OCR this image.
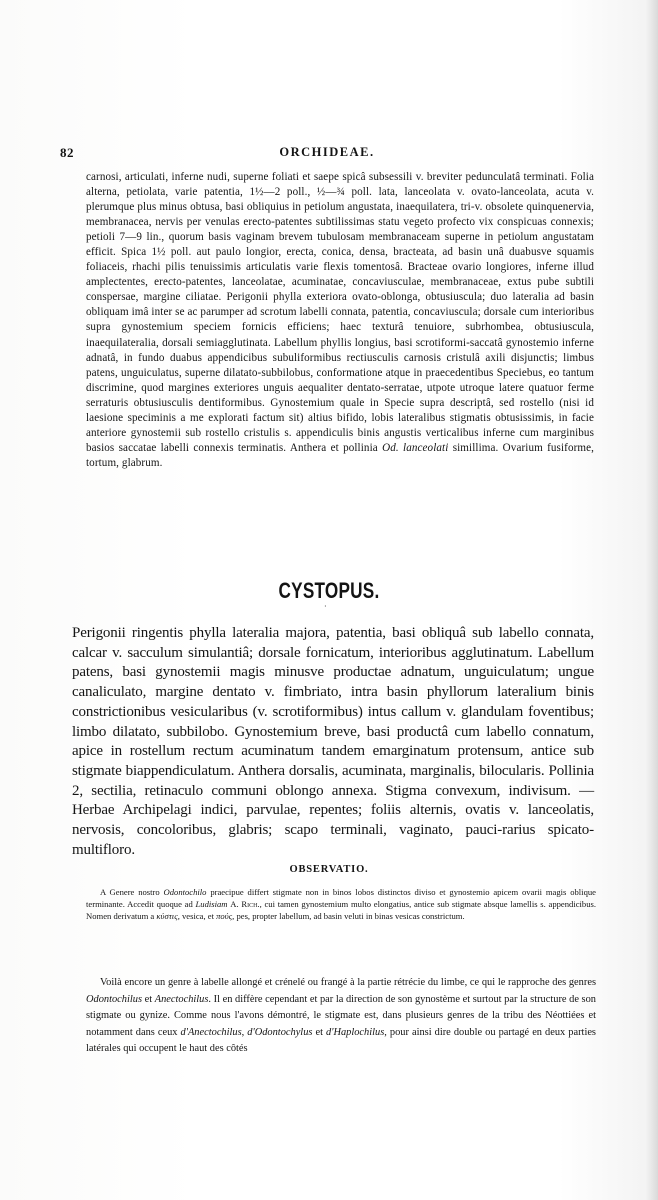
82	ORCHIDEAE.
carnosi, articulati, inferne nudi, superne foliati et saepe spicâ subsessili v. breviter pedunculatâ terminati. Folia alterna, petiolata, varie patentia, 1½—2 poll., ½—¾ poll. lata, lanceolata v. ovato-lanceolata, acuta v. plerumque plus minus obtusa, basi obliquius in petiolum angustata, inaequilatera, tri-v. obsolete quinquenervia, membranacea, nervis per venulas erecto-patentes subtilissimas statu vegeto profecto vix conspicuas connexis; petioli 7—9 lin., quorum basis vaginam brevem tubulosam membranaceam superne in petiolum angustatam efficit. Spica 1½ poll. aut paulo longior, erecta, conica, densa, bracteata, ad basin unâ duabusve squamis foliaceis, rhachi pilis tenuissimis articulatis varie flexis tomentosâ. Bracteae ovario longiores, inferne illud amplectentes, erecto-patentes, lanceolatae, acuminatae, concaviusculae, membranaceae, extus pube subtili conspersae, margine ciliatae. Perigonii phylla exteriora ovato-oblonga, obtusiuscula; duo lateralia ad basin obliquam imâ inter se ac parumper ad scrotum labelli connata, patentia, concaviuscula; dorsale cum interioribus supra gynostemium speciem fornicis efficiens; haec texturâ tenuiore, subrhombea, obtusiuscula, inaequilateralia, dorsali semiagglutinata. Labellum phyllis longius, basi scrotiformi-saccatâ gynostemio inferne adnatâ, in fundo duabus appendicibus subuliformibus rectiusculis carnosis cristulâ axili disjunctis; limbus patens, unguiculatus, superne dilatato-subbilobus, conformatione atque in praecedentibus Speciebus, eo tantum discrimine, quod margines exteriores unguis aequaliter dentato-serratae, utpote utroque latere quatuor ferme serraturis obtusiusculis dentiformibus. Gynostemium quale in Specie supra descriptâ, sed rostello (nisi id laesione speciminis a me explorati factum sit) altius bifido, lobis lateralibus stigmatis obtusissimis, in facie anteriore gynostemii sub rostello cristulis s. appendiculis binis angustis verticalibus inferne cum marginibus basios saccatae labelli connexis terminatis. Anthera et pollinia Od. lanceolati simillima. Ovarium fusiforme, tortum, glabrum.
CYSTOPUS.
·

Perigonii ringentis phylla lateralia majora, patentia, basi obliquâ sub labello connata, calcar v. sacculum simulantiâ; dorsale fornicatum, interioribus agglutinatum. Labellum patens, basi gynostemii magis minusve productae adnatum, unguiculatum; ungue canaliculato, margine dentato v. fimbriato, intra basin phyllorum lateralium binis constrictionibus vesicularibus (v. scrotiformibus) intus callum v. glandulam foventibus; limbo dilatato, subbilobo. Gynostemium breve, basi productâ cum labello connatum, apice in rostellum rectum acuminatum tandem emarginatum protensum, antice sub stigmate biappendiculatum. Anthera dorsalis, acuminata, marginalis, bilocularis. Pollinia 2, sectilia, retinaculo communi oblongo annexa. Stigma convexum, indivisum. — Herbae Archipelagi indici, parvulae, repentes; foliis alternis, ovatis v. lanceolatis, nervosis, concoloribus, glabris; scapo terminali, vaginato, pauci-rarius spicato-multifloro.

OBSERVATIO.

A Genere nostro Odontochilo praecipue differt stigmate non in binos lobos distinctos diviso et gynostemio apicem ovarii magis oblique terminante. Accedit quoque ad Ludisiam A. Rich., cui tamen gynostemium multo elongatius, antice sub stigmate absque lamellis s. appendicibus. Nomen derivatum a κύστις, vesica, et πούς, pes, propter labellum, ad basin veluti in binas vesicas constrictum.

Voilà encore un genre à labelle allongé et crénelé ou frangé à la partie rétrécie du limbe, ce qui le rapproche des genres Odontochilus et Anectochilus. Il en diffère cependant et par la direction de son gynostème et surtout par la structure de son stigmate ou gynize. Comme nous l'avons démontré, le stigmate est, dans plusieurs genres de la tribu des Néottiées et notamment dans ceux d'Anectochilus, d'Odontochylus et d'Haplochilus, pour ainsi dire double ou partagé en deux parties latérales qui occupent le haut des côtés
